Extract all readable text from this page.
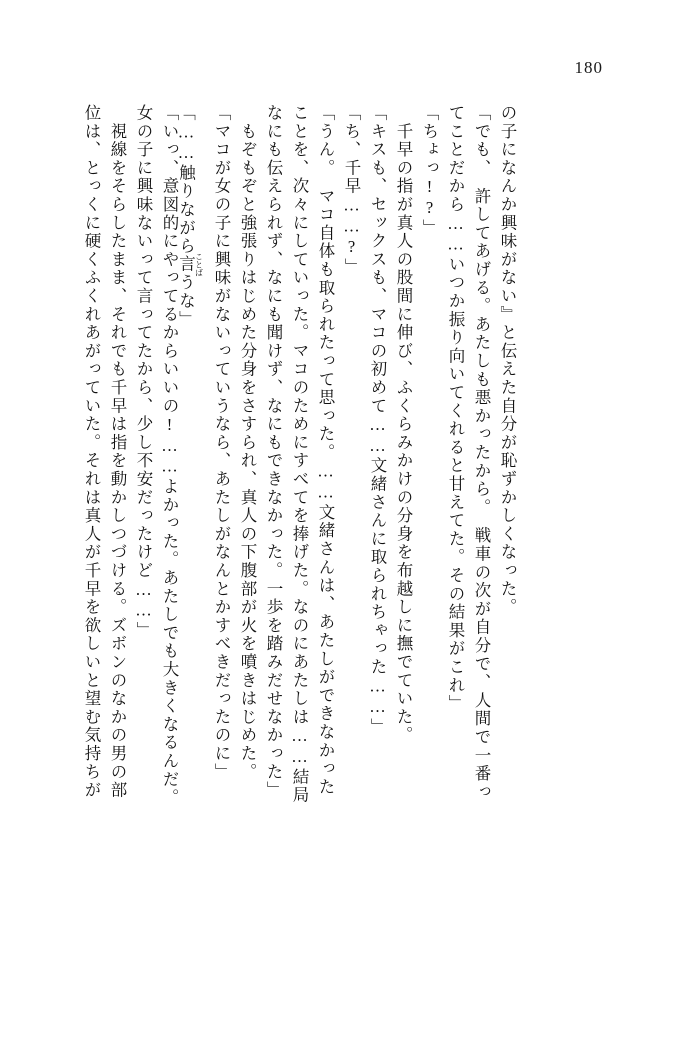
180
位は、とっくに硬くふくれあがっていた。それは真人が千早を欲しいと望む気持ちが 　視線をそらしたまま、それでも千早は指を動かしつづける。ズボンのなかの男の部 女の子に興味ないって言ってたから、少し不安だったけど……」 「いっ、意図的にやってるからいいの!……よかった。あたしでも大きくなるんだ。
「……触りながら言 ことばうな」	「マコが女の子に興味がないっていうなら、あたしがなんとかすべきだったのに」 　もぞもぞと強張りはじめた分身をさすられ、真人の下腹部が火を噴きはじめた。 なにも伝えられず、なにも聞けず、なにもできなかった。一歩を踏みだせなかった」 ことを、次々にしていった。マコのためにすべてを捧げた。なのにあたしは……結局 「うん。　マコ自体も取られたって思った。……文緒さんは、あたしができなかった 「ち、千早……?」 「キスも、セックスも、マコの初めて……文緒さんに取られちゃった……」 　千早の指が真人の股間に伸び、ふくらみかけの分身を布越しに撫でていた。 「ちょっ!?」 てことだから……いつか振り向いてくれると甘えてた。その結果がこれ」 「でも、　許してあげる。あたしも悪かったから。　戦車の次が自分で、人間で一番っ の子になんか興味がない』と伝えた自分が恥ずかしくなった。
